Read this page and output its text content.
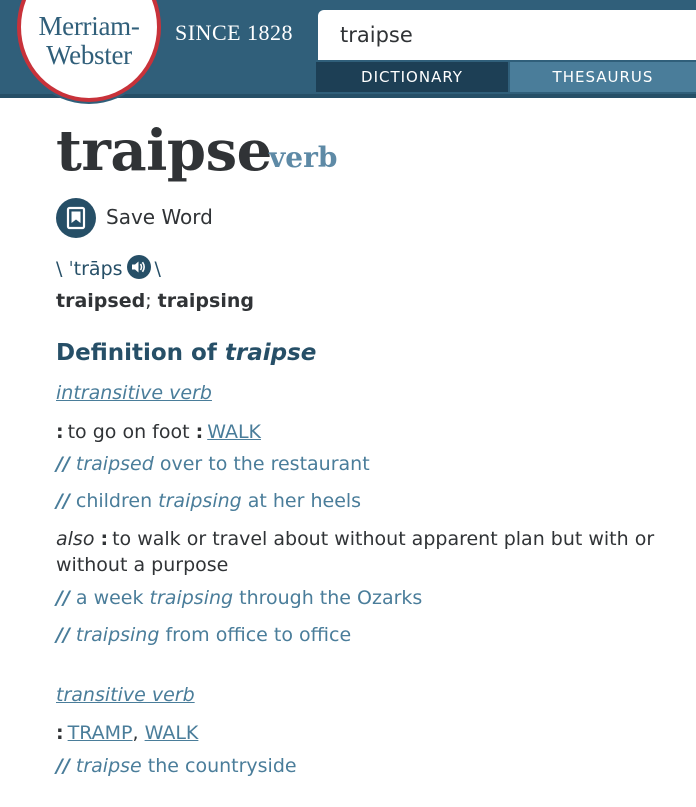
Merriam-
Webster
SINCE 1828
traipse
DICTIONARY	THESAURUS
traipse
verb
Save Word
\ ˈtrāps \
traipsed; traipsing
Definition of traipse
intransitive verb
: to go on foot : WALK
// traipsed over to the restaurant
// children traipsing at her heels
also : to walk or travel about without apparent plan but with or without a purpose
// a week traipsing through the Ozarks
// traipsing from office to office
transitive verb
: TRAMP, WALK
// traipse the countryside
